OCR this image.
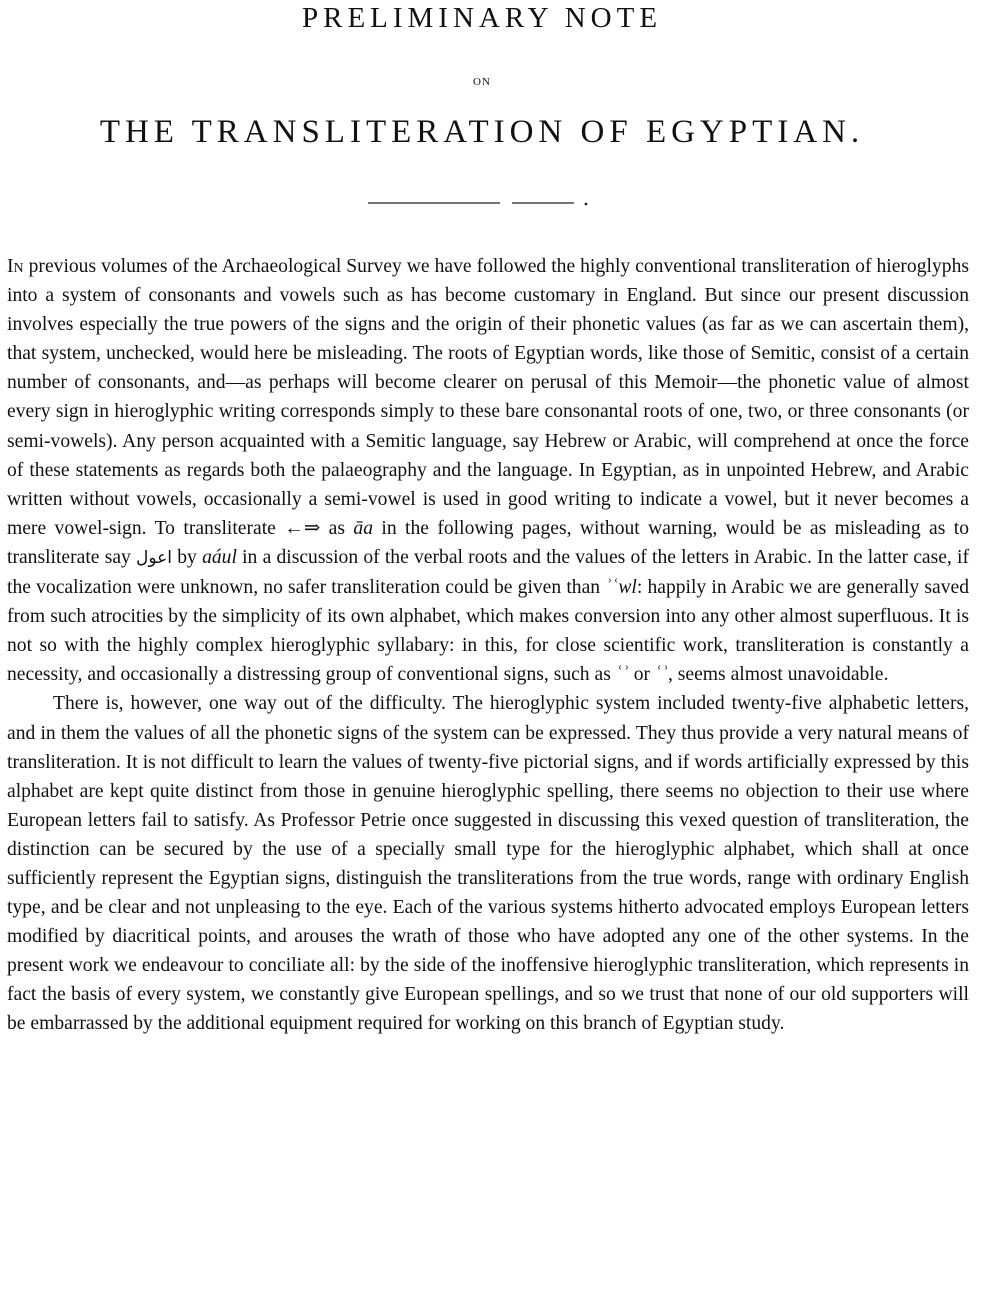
PRELIMINARY NOTE
ON
THE TRANSLITERATION OF EGYPTIAN.

In previous volumes of the Archaeological Survey we have followed the highly conventional transliteration of hieroglyphs into a system of consonants and vowels such as has become customary in England. But since our present discussion involves especially the true powers of the signs and the origin of their phonetic values (as far as we can ascertain them), that system, unchecked, would here be misleading. The roots of Egyptian words, like those of Semitic, consist of a certain number of consonants, and—as perhaps will become clearer on perusal of this Memoir—the phonetic value of almost every sign in hieroglyphic writing corresponds simply to these bare consonantal roots of one, two, or three consonants (or semi-vowels). Any person acquainted with a Semitic language, say Hebrew or Arabic, will comprehend at once the force of these statements as regards both the palaeography and the language. In Egyptian, as in unpointed Hebrew, and Arabic written without vowels, occasionally a semi-vowel is used in good writing to indicate a vowel, but it never becomes a mere vowel-sign. To transliterate ←⇒ as āa in the following pages, without warning, would be as misleading as to transliterate say اعول by aául in a discussion of the verbal roots and the values of the letters in Arabic. In the latter case, if the vocalization were unknown, no safer transliteration could be given than ʾʿwl: happily in Arabic we are generally saved from such atrocities by the simplicity of its own alphabet, which makes conversion into any other almost superfluous. It is not so with the highly complex hieroglyphic syllabary: in this, for close scientific work, transliteration is constantly a necessity, and occasionally a distressing group of conventional signs, such as ʿʾ or ʿʾ, seems almost unavoidable.

There is, however, one way out of the difficulty. The hieroglyphic system included twenty-five alphabetic letters, and in them the values of all the phonetic signs of the system can be expressed. They thus provide a very natural means of transliteration. It is not difficult to learn the values of twenty-five pictorial signs, and if words artificially expressed by this alphabet are kept quite distinct from those in genuine hieroglyphic spelling, there seems no objection to their use where European letters fail to satisfy. As Professor Petrie once suggested in discussing this vexed question of transliteration, the distinction can be secured by the use of a specially small type for the hieroglyphic alphabet, which shall at once sufficiently represent the Egyptian signs, distinguish the transliterations from the true words, range with ordinary English type, and be clear and not unpleasing to the eye. Each of the various systems hitherto advocated employs European letters modified by diacritical points, and arouses the wrath of those who have adopted any one of the other systems. In the present work we endeavour to conciliate all: by the side of the inoffensive hieroglyphic transliteration, which represents in fact the basis of every system, we constantly give European spellings, and so we trust that none of our old supporters will be embarrassed by the additional equipment required for working on this branch of Egyptian study.
